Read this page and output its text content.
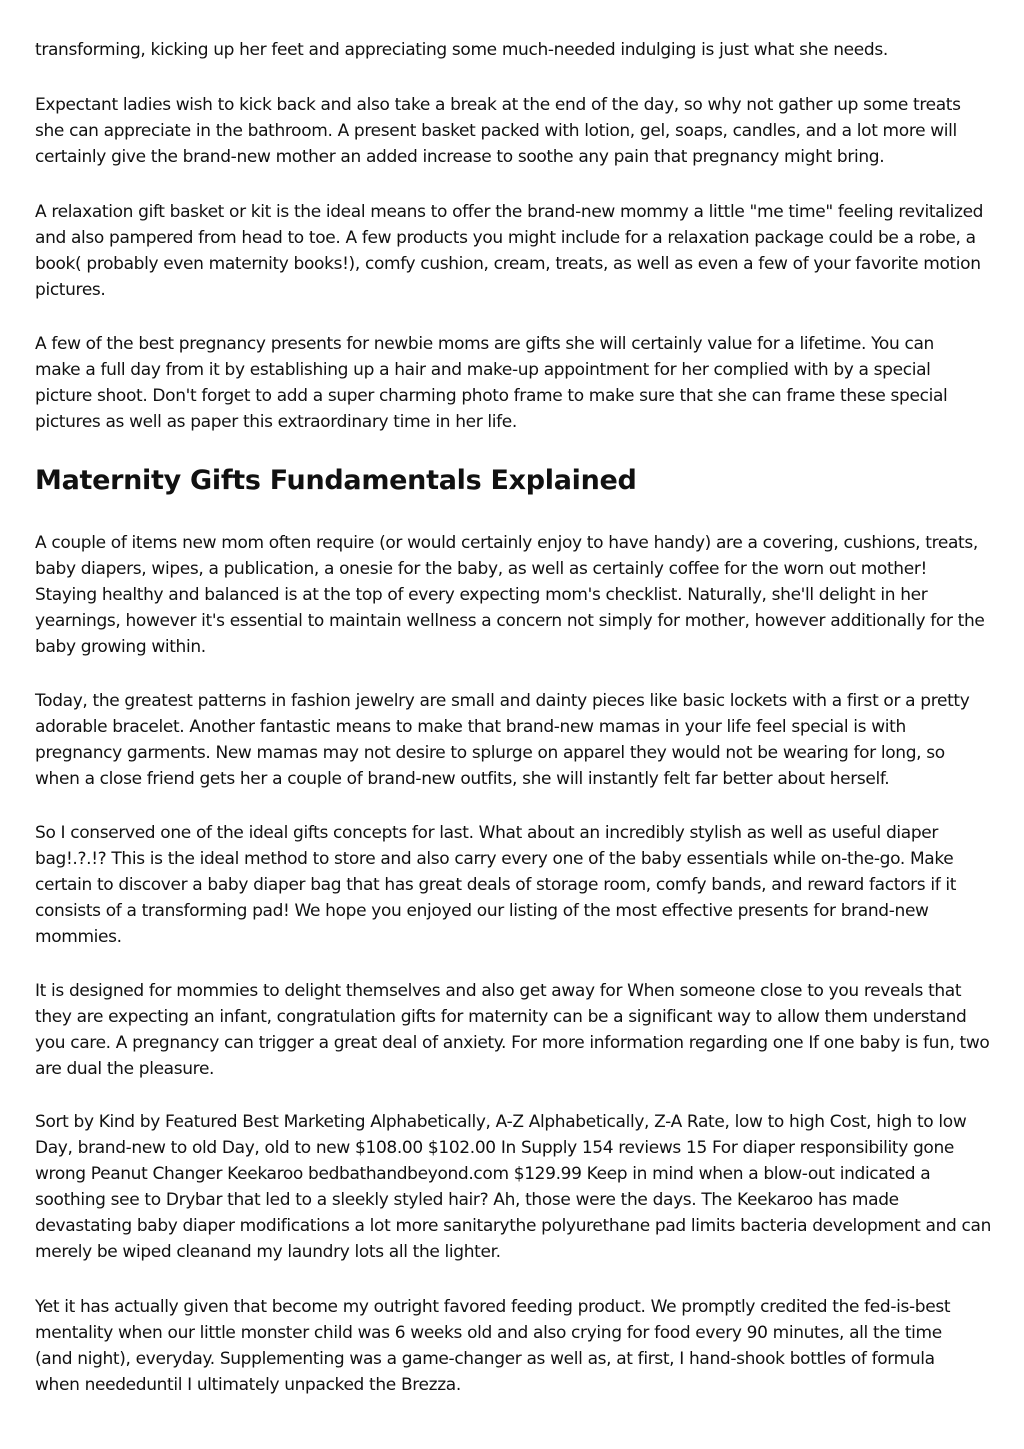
transforming, kicking up her feet and appreciating some much-needed indulging is just what she needs.

Expectant ladies wish to kick back and also take a break at the end of the day, so why not gather up some treats she can appreciate in the bathroom. A present basket packed with lotion, gel, soaps, candles, and a lot more will certainly give the brand-new mother an added increase to soothe any pain that pregnancy might bring.

A relaxation gift basket or kit is the ideal means to offer the brand-new mommy a little "me time" feeling revitalized and also pampered from head to toe. A few products you might include for a relaxation package could be a robe, a book( probably even maternity books!), comfy cushion, cream, treats, as well as even a few of your favorite motion pictures.

A few of the best pregnancy presents for newbie moms are gifts she will certainly value for a lifetime. You can make a full day from it by establishing up a hair and make-up appointment for her complied with by a special picture shoot. Don't forget to add a super charming photo frame to make sure that she can frame these special pictures as well as paper this extraordinary time in her life.

Maternity Gifts Fundamentals Explained

A couple of items new mom often require (or would certainly enjoy to have handy) are a covering, cushions, treats, baby diapers, wipes, a publication, a onesie for the baby, as well as certainly coffee for the worn out mother! Staying healthy and balanced is at the top of every expecting mom's checklist. Naturally, she'll delight in her yearnings, however it's essential to maintain wellness a concern not simply for mother, however additionally for the baby growing within.

Today, the greatest patterns in fashion jewelry are small and dainty pieces like basic lockets with a first or a pretty adorable bracelet. Another fantastic means to make that brand-new mamas in your life feel special is with pregnancy garments. New mamas may not desire to splurge on apparel they would not be wearing for long, so when a close friend gets her a couple of brand-new outfits, she will instantly felt far better about herself.

So I conserved one of the ideal gifts concepts for last. What about an incredibly stylish as well as useful diaper bag!.?.!? This is the ideal method to store and also carry every one of the baby essentials while on-the-go. Make certain to discover a baby diaper bag that has great deals of storage room, comfy bands, and reward factors if it consists of a transforming pad! We hope you enjoyed our listing of the most effective presents for brand-new mommies.

It is designed for mommies to delight themselves and also get away for When someone close to you reveals that they are expecting an infant, congratulation gifts for maternity can be a significant way to allow them understand you care. A pregnancy can trigger a great deal of anxiety. For more information regarding one If one baby is fun, two are dual the pleasure.

Sort by Kind by Featured Best Marketing Alphabetically, A-Z Alphabetically, Z-A Rate, low to high Cost, high to low Day, brand-new to old Day, old to new $108.00 $102.00 In Supply 154 reviews 15 For diaper responsibility gone wrong Peanut Changer Keekaroo bedbathandbeyond.com $129.99 Keep in mind when a blow-out indicated a soothing see to Drybar that led to a sleekly styled hair? Ah, those were the days. The Keekaroo has made devastating baby diaper modifications a lot more sanitarythe polyurethane pad limits bacteria development and can merely be wiped cleanand my laundry lots all the lighter.

Yet it has actually given that become my outright favored feeding product. We promptly credited the fed-is-best mentality when our little monster child was 6 weeks old and also crying for food every 90 minutes, all the time (and night), everyday. Supplementing was a game-changer as well as, at first, I hand-shook bottles of formula when neededuntil I ultimately unpacked the Brezza.
